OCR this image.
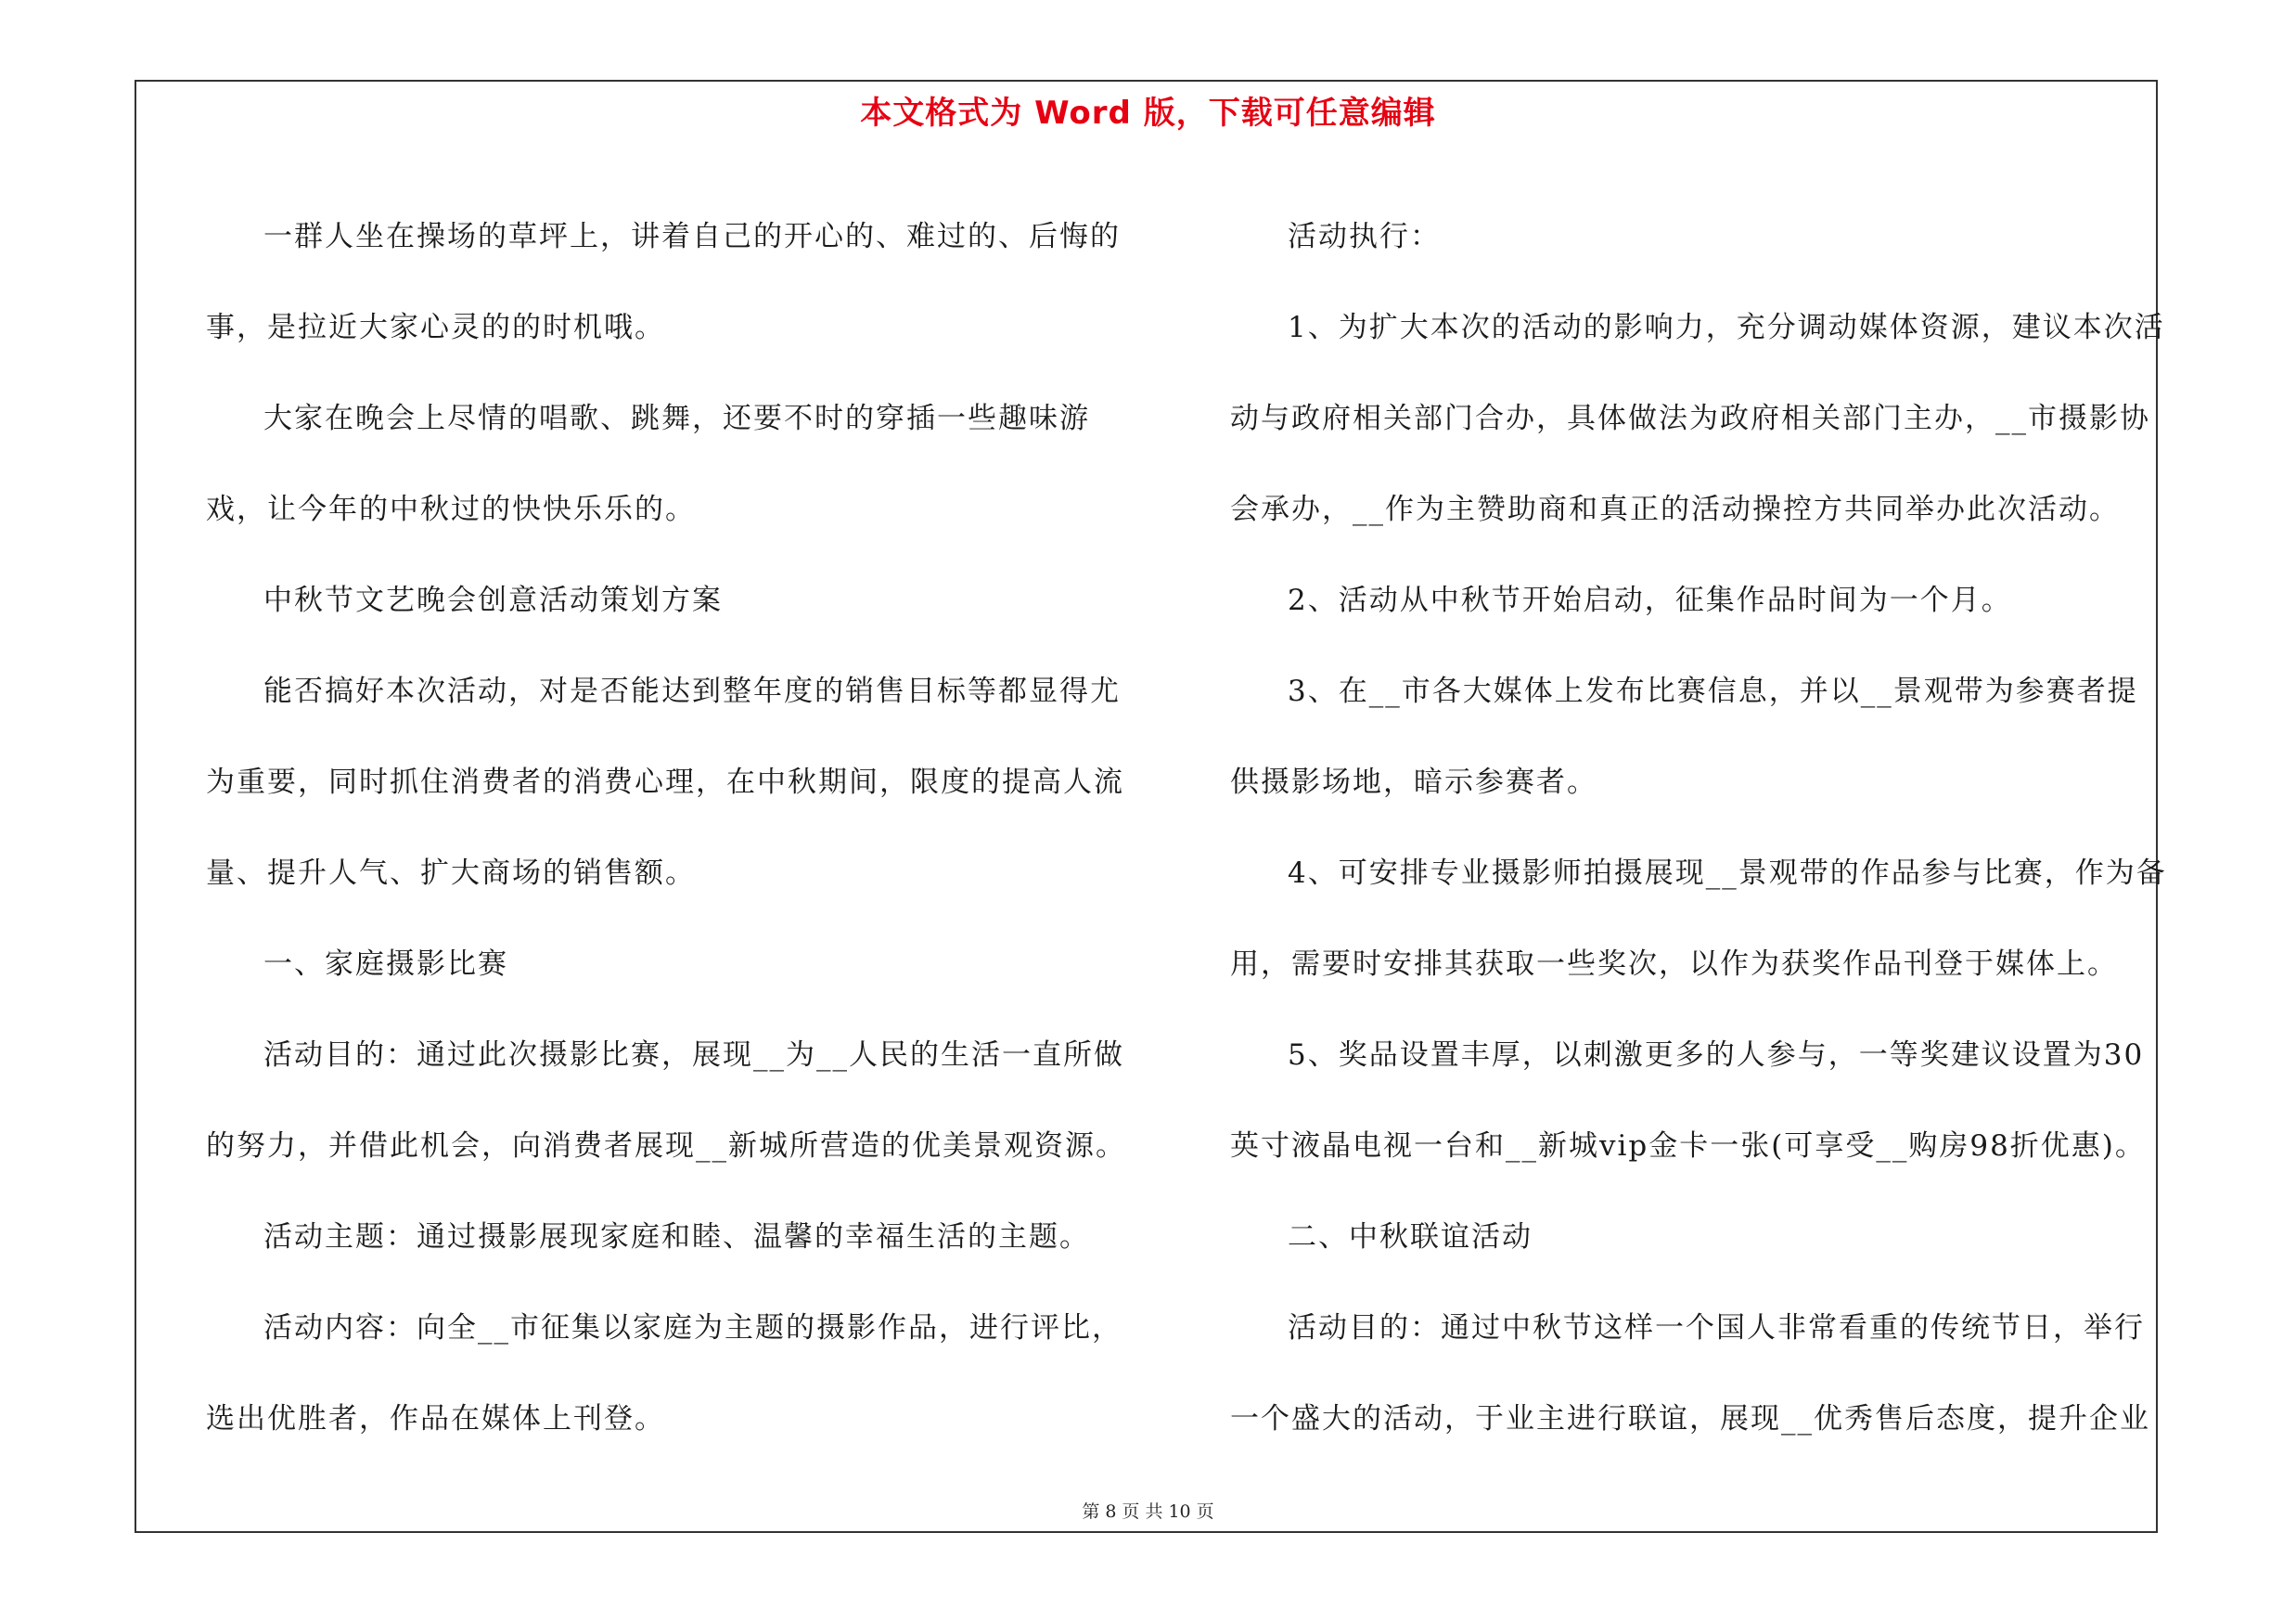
本文格式为 Word 版，下载可任意编辑

一群人坐在操场的草坪上，讲着自己的开心的、难过的、后悔的事，是拉近大家心灵的的时机哦。

大家在晚会上尽情的唱歌、跳舞，还要不时的穿插一些趣味游戏，让今年的中秋过的快快乐乐的。

中秋节文艺晚会创意活动策划方案

能否搞好本次活动，对是否能达到整年度的销售目标等都显得尤为重要，同时抓住消费者的消费心理，在中秋期间，限度的提高人流量、提升人气、扩大商场的销售额。

一、家庭摄影比赛

活动目的：通过此次摄影比赛，展现__为__人民的生活一直所做的努力，并借此机会，向消费者展现__新城所营造的优美景观资源。

活动主题：通过摄影展现家庭和睦、温馨的幸福生活的主题。

活动内容：向全__市征集以家庭为主题的摄影作品，进行评比，选出优胜者，作品在媒体上刊登。

活动执行：

1、为扩大本次的活动的影响力，充分调动媒体资源，建议本次活动与政府相关部门合办，具体做法为政府相关部门主办，__市摄影协会承办，__作为主赞助商和真正的活动操控方共同举办此次活动。

2、活动从中秋节开始启动，征集作品时间为一个月。

3、在__市各大媒体上发布比赛信息，并以__景观带为参赛者提供摄影场地，暗示参赛者。

4、可安排专业摄影师拍摄展现__景观带的作品参与比赛，作为备用，需要时安排其获取一些奖次，以作为获奖作品刊登于媒体上。

5、奖品设置丰厚，以刺激更多的人参与，一等奖建议设置为30英寸液晶电视一台和__新城vip金卡一张(可享受__购房98折优惠)。

二、中秋联谊活动

活动目的：通过中秋节这样一个国人非常看重的传统节日，举行一个盛大的活动，于业主进行联谊，展现__优秀售后态度，提升企业

第 8 页 共 10 页
